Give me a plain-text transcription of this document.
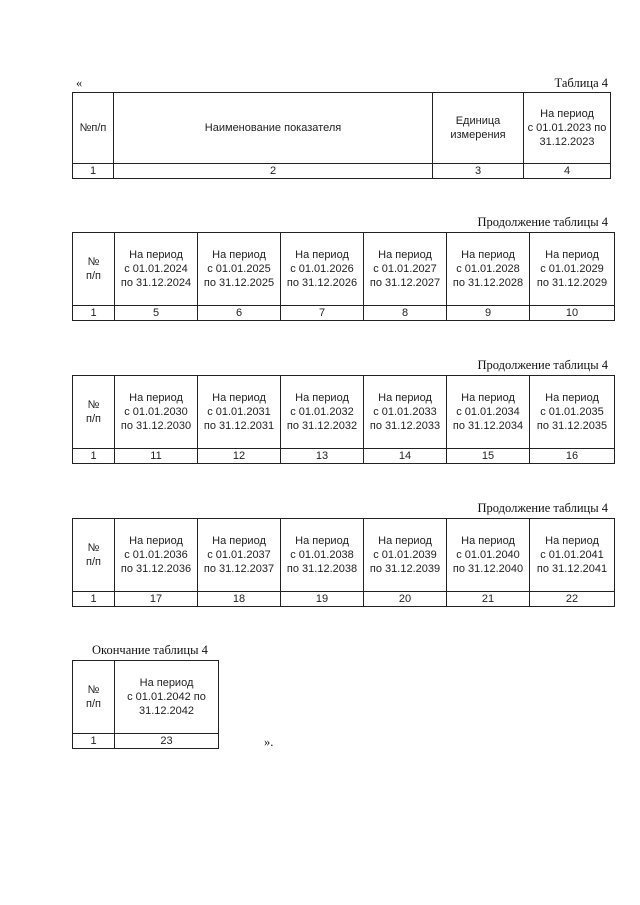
«	Таблица 4
№п/п	Наименование показателя	Единица
измерения	На период
с 01.01.2023 по
31.12.2023

1	2	3	4
Продолжение таблицы 4
№
п/п	На период
с 01.01.2024
по 31.12.2024	На период
с 01.01.2025
по 31.12.2025	На период
с 01.01.2026
по 31.12.2026	На период
с 01.01.2027
по 31.12.2027	На период
с 01.01.2028
по 31.12.2028	На период
с 01.01.2029
по 31.12.2029

1	5	6	7	8	9	10
Продолжение таблицы 4
№
п/п	На период
с 01.01.2030
по 31.12.2030	На период
с 01.01.2031
по 31.12.2031	На период
с 01.01.2032
по 31.12.2032	На период
с 01.01.2033
по 31.12.2033	На период
с 01.01.2034
по 31.12.2034	На период
с 01.01.2035
по 31.12.2035

1	11	12	13	14	15	16
Продолжение таблицы 4
№
п/п	На период
с 01.01.2036
по 31.12.2036	На период
с 01.01.2037
по 31.12.2037	На период
с 01.01.2038
по 31.12.2038	На период
с 01.01.2039
по 31.12.2039	На период
с 01.01.2040
по 31.12.2040	На период
с 01.01.2041
по 31.12.2041

1	17	18	19	20	21	22
Окончание таблицы 4
№
п/п	На период
с 01.01.2042 по
31.12.2042

1	23	».
